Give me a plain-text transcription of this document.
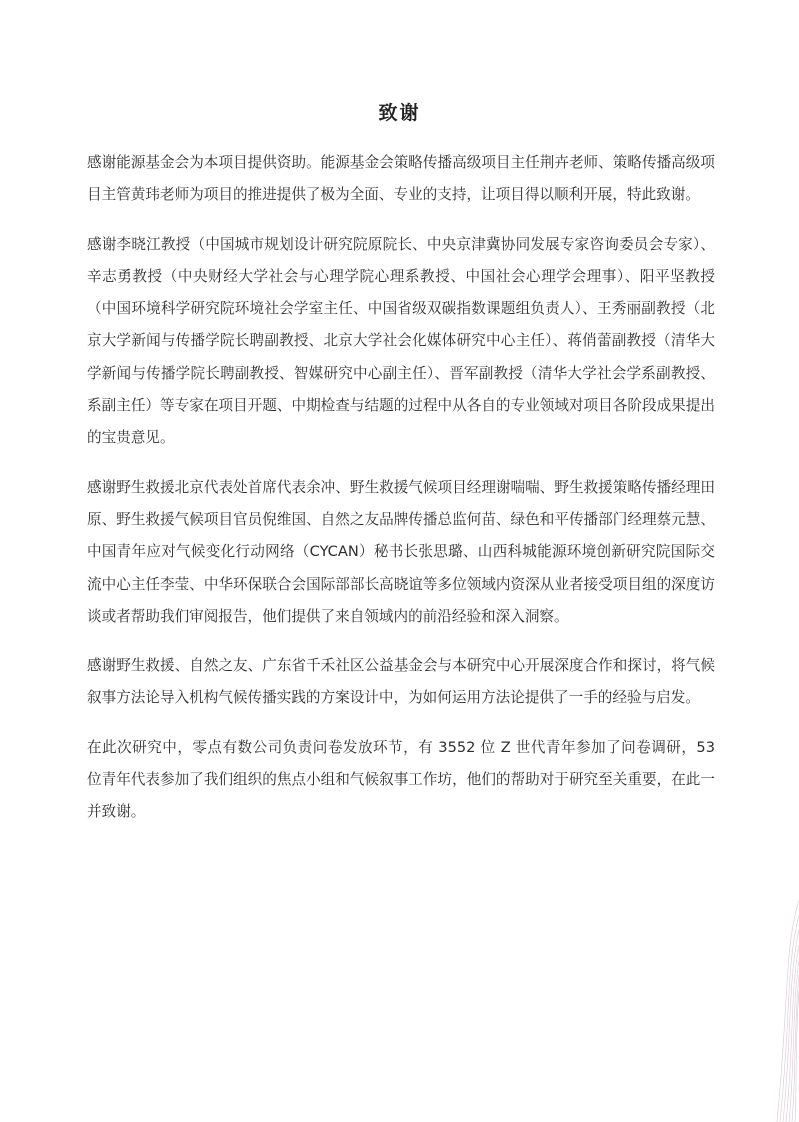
致谢

感谢能源基金会为本项目提供资助。能源基金会策略传播高级项目主任荆卉老师、策略传播高级项目主管黄玮老师为项目的推进提供了极为全面、专业的支持，让项目得以顺利开展，特此致谢。

感谢李晓江教授（中国城市规划设计研究院原院长、中央京津冀协同发展专家咨询委员会专家）、辛志勇教授（中央财经大学社会与心理学院心理系教授、中国社会心理学会理事）、阳平坚教授（中国环境科学研究院环境社会学室主任、中国省级双碳指数课题组负责人）、王秀丽副教授（北京大学新闻与传播学院长聘副教授、北京大学社会化媒体研究中心主任）、蒋俏蕾副教授（清华大学新闻与传播学院长聘副教授、智媒研究中心副主任）、晋军副教授（清华大学社会学系副教授、系副主任）等专家在项目开题、中期检查与结题的过程中从各自的专业领域对项目各阶段成果提出的宝贵意见。

感谢野生救援北京代表处首席代表余冲、野生救援气候项目经理谢喘喘、野生救援策略传播经理田原、野生救援气候项目官员倪维国、自然之友品牌传播总监何苗、绿色和平传播部门经理蔡元慧、中国青年应对气候变化行动网络（CYCAN）秘书长张思璐、山西科城能源环境创新研究院国际交流中心主任李莹、中华环保联合会国际部部长高晓谊等多位领域内资深从业者接受项目组的深度访谈或者帮助我们审阅报告，他们提供了来自领域内的前沿经验和深入洞察。

感谢野生救援、自然之友、广东省千禾社区公益基金会与本研究中心开展深度合作和探讨，将气候叙事方法论导入机构气候传播实践的方案设计中，为如何运用方法论提供了一手的经验与启发。

在此次研究中，零点有数公司负责问卷发放环节，有 3552 位 Z 世代青年参加了问卷调研，53 位青年代表参加了我们组织的焦点小组和气候叙事工作坊，他们的帮助对于研究至关重要，在此一并致谢。
